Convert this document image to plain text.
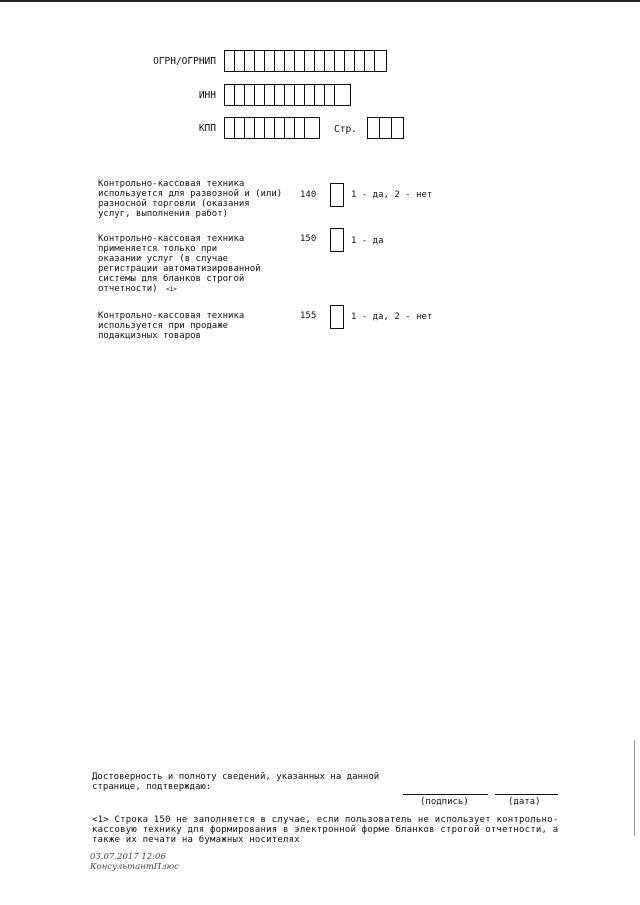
ОГРН/ОГРНИП
ИНН
КПП	Стр.
Контрольно-кассовая техника
используется для развозной и (или)
разносной торговли (оказания
услуг, выполнения работ)
140	1 - да, 2 - нет
Контрольно-кассовая техника
применяется только при
оказании услуг (в случае
регистрации автоматизированной
системы для бланков строгой
отчетности)	<1>
150	1 - да
Контрольно-кассовая техника
используется при продаже
подакцизных товаров
155	1 - да, 2 - нет
Достоверность и полноту сведений, указанных на данной
странице, подтверждаю:
(подпись)	(дата)
<1> Строка 150 не заполняется в случае, если пользователь не использует контрольно-
кассовую технику для формирования в электронной форме бланков строгой отчетности, а
также их печати на бумажных носителях
03.07.2017 12:06
КонсультантПлюс
